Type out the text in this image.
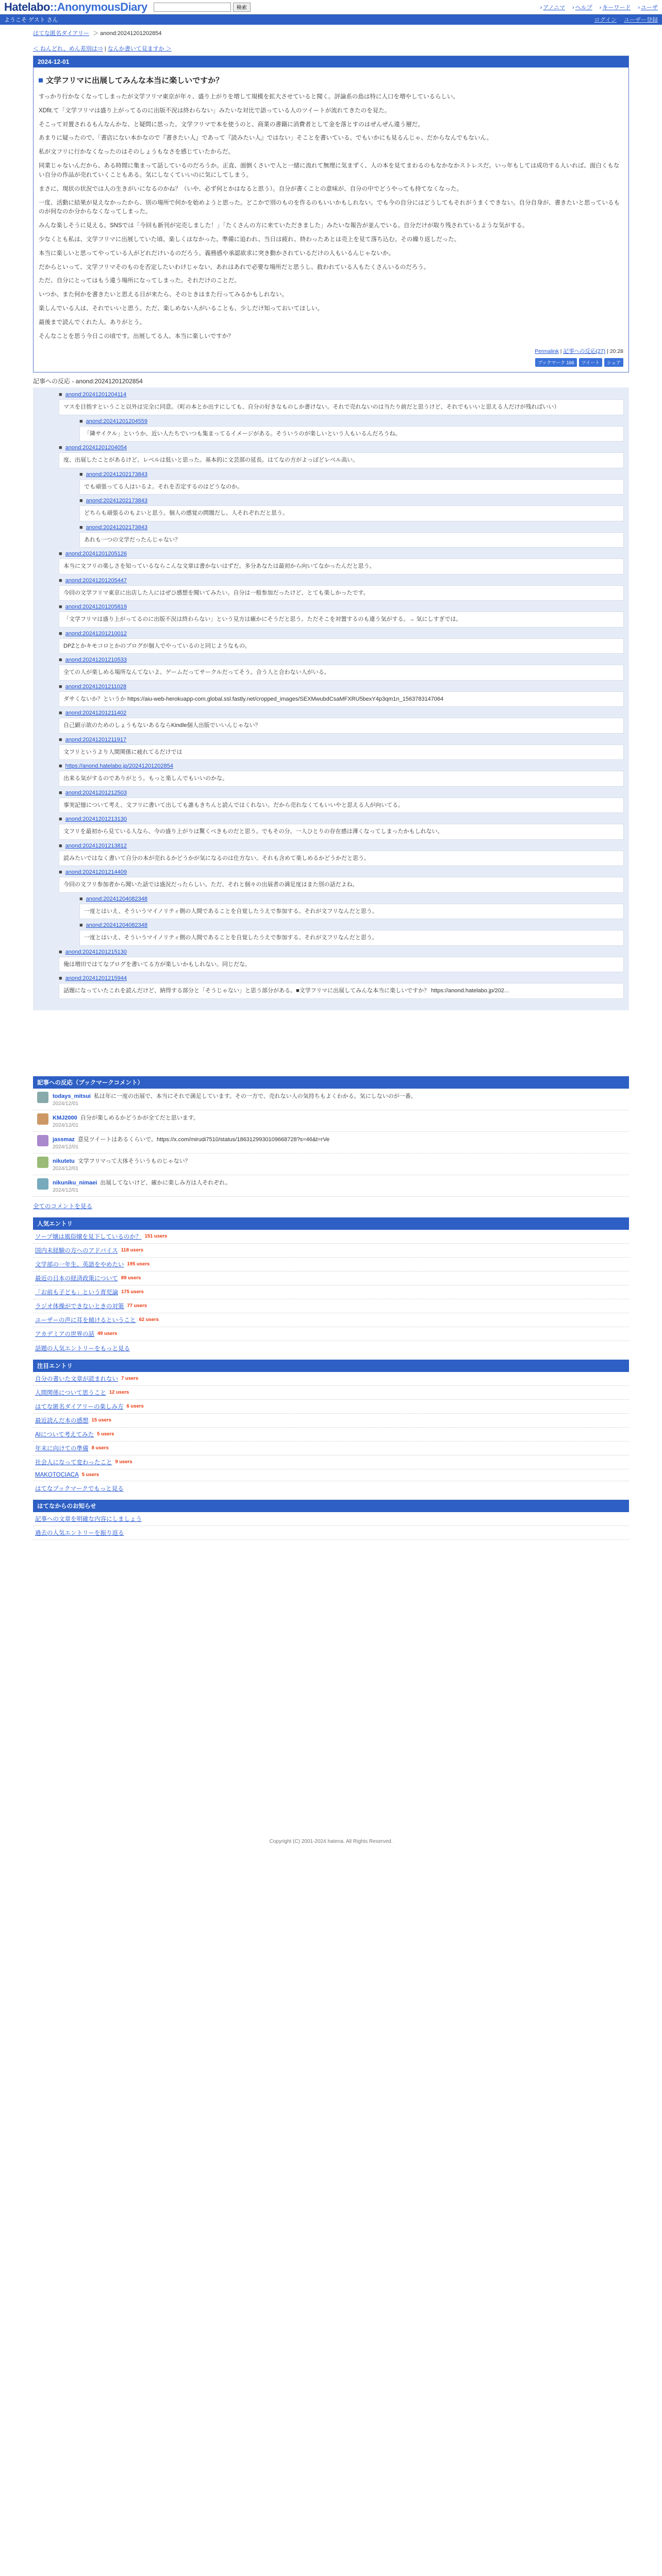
Hatelabo::AnonymousDiary	検索	› アノニマ › ヘルプ › キーワード › ユーザ
ようこそ ゲスト さん	ログイン ユーザー登録
はてな匿名ダイアリー ＞ anond:20241201202854
＜ ねんどれ、めん差別は⇒ | なんか書いて見ますか ＞
2024-12-01
文学フリマに出展してみんな本当に楽しいですか？

すっかり行かなくなってしまったが文学フリマ東京が年々、盛り上がりを増して規模を拡大させていると聞く。評論系の島は特に人口を増やしているらしい。

XDfit.て「文学フリマは盛り上がってるのに出版不況は終わらない」みたいな対比で語っている人のツイートが流れてきたのを見た。

そこって対置されるもんなんかな、と疑問に思った。文学フリマで本を使うのと、商業の書籍に消費者として金を落とすのはぜんぜん違う層だ。

あまりに疑ったので、「書店にない本かなので『書きたい人』であって『読みたい人』ではない」そことを書いている。でもいかにも見るんじゃ、だからなんでもないん。

私が文フリに行かなくなったのはそのしょうもなさを感じていたからだ。

同業じゃないんだから、ある時間に集まって話しているのだろうか。正直、面倒くさいで人と一緒に流れて無理に気まずく、人の本を見てまわるのもなかなかストレスだ。いっ年もしては成功する人いれば、面白くもない自分の作品が売れていくこともある。気にしなくていいのに気にしてしまう。

まさに、現状の状況では人の生きがいになるのかね？（いや、必ず何とかはなると思う）。自分が書くことの意味が、自分の中でどうやっても持てなくなった。

一度、活動に結果が見えなかったから、別の場所で何かを始めようと思った。どこかで別のものを作るのもいいかもしれない。でも今の自分にはどうしてもそれがうまくできない。自分自身が、書きたいと思っているものが何なのか分からなくなってしまった。

みんな楽しそうに見える。SNSでは「今回も新刊が完売しました！」「たくさんの方に来ていただきました」みたいな報告が並んでいる。自分だけが取り残されているような気がする。

少なくとも私は、文学フリマに出展していた頃、楽しくはなかった。準備に追われ、当日は疲れ、終わったあとは売上を見て落ち込む。その繰り返しだった。

本当に楽しいと思ってやっている人がどれだけいるのだろう。義務感や承認欲求に突き動かされているだけの人もいるんじゃないか。

だからといって、文学フリマそのものを否定したいわけじゃない。あれはあれで必要な場所だと思うし、救われている人もたくさんいるのだろう。

ただ、自分にとってはもう違う場所になってしまった。それだけのことだ。

いつか、また何かを書きたいと思える日が来たら、そのときはまた行ってみるかもしれない。

楽しんでいる人は、それでいいと思う。ただ、楽しめない人がいることも、少しだけ知っておいてほしい。

最後まで読んでくれた人、ありがとう。

そんなことを思う今日この頃です。出展してる人、本当に楽しいですか？

Permalink | 記事への反応(27) | 20:28
ブックマーク 166	ツイート	シェア
記事への反応 - anond:20241201202854
■ anond:20241201204114
マスを目指すということ以外は完全に同意。（町の本とか出すにしても、自分の好きなものしか書けない。それで売れないのは当たり前だと思うけど、それでもいいと思える人だけが残ればいい）
■ anond:20241201204559
「隣サイクル」というか、近い人たちでいつも集まってるイメージがある。そういうのが楽しいという人もいるんだろうね。
■ anond:20241201204054
度、出展したことがあるけど、レベルは低いと思った。基本的に文芸部の延長。はてなの方がよっぽどレベル高い。
■ anond:20241202173843
でも頑張ってる人はいるよ。それを否定するのはどうなのか。
■ anond:20241202173843
どちらも頑張るのもよいと思う。個人の感覚の問題だし、人それぞれだと思う。
■ anond:20241202173843
あれも一つの文学だったんじゃない？
■ anond:20241201205126
本当に文フリの楽しさを知っているならこんな文章は書かないはずだ。多分あなたは最初から向いてなかったんだと思う。
■ anond:20241201205447
今回の文学フリマ東京に出店した人にはぜひ感想を聞いてみたい。自分は一般参加だったけど、とても楽しかったです。
■ anond:20241201205819
「文学フリマは盛り上がってるのに出版不況は終わらない」という見方は確かにそうだと思う。ただそこを対置するのも違う気がする。→ 気にしすぎでは。
■ anond:20241201210012
DPZとかキモコロとかのブログが個人でやっているのと同じようなもの。
■ anond:20241201210533
全ての人が楽しめる場所なんてないよ。ゲームだってサークルだってそう。合う人と合わない人がいる。
■ anond:20241201211028
ダサくないか？というか https://aiu-web-herokuapp-com.global.ssl.fastly.net/cropped_images/SEXMwubdCsaMFXRU5bexY4p3qm1n_1563783147064
■ anond:20241201211402
自己顕示欲のためのしょうもないあるならKindle個人出版でいいんじゃない？
■ anond:20241201211917
文フリというより人間関係に疲れてるだけでは
■ https://anond.hatelabo.jp/20241201202854
出来る気がするのでありがとう。もっと楽しんでもいいのかな。
■ anond:20241201212503
事実記憶について考え、文フリに書いて出しても誰もきちんと読んではくれない。だから売れなくてもいいやと思える人が向いてる。
■ anond:20241201213130
文フリを最初から見ている人なら、今の盛り上がりは驚くべきものだと思う。でもその分、一人ひとりの存在感は薄くなってしまったかもしれない。
■ anond:20241201213812
読みたいではなく書いて自分の本が売れるかどうかが気になるのは仕方ない。それも含めて楽しめるかどうかだと思う。
■ anond:20241201214409
今回の文フリ参加者から聞いた話では盛況だったらしい。ただ、それと個々の出展者の満足度はまた別の話だよね。
■ anond:20241204082348
一度とはいえ、そういうマイノリティ側の人間であることを自覚したうえで参加する。それが文フリなんだと思う。
■ anond:20241204082348
一度とはいえ、そういうマイノリティ側の人間であることを自覚したうえで参加する。それが文フリなんだと思う。
■ anond:20241201215130
俺は増田ではてなブログを書いてる方が楽しいかもしれない。同じだな。
■ anond:20241201215944
話題になっていたこれを読んだけど、納得する部分と「そうじゃない」と思う部分がある。■文学フリマに出展してみんな本当に楽しいですか？ https://anond.hatelabo.jp/202...
記事への反応（ブックマークコメント）
todays_mitsui 私は年に一度の出展で、本当にそれで満足しています。その一方で、売れない人の気持ちもよくわかる。気にしないのが一番。
2024/12/01
KMJ2000 自分が楽しめるかどうかが全てだと思います。
2024/12/01
jassmaz 意見ツイートはあるくらいで。https://x.com/mirudi7510/status/1863129930109668728?s=46&t=rVe
2024/12/01
nikutetu 文学フリマって大体そういうものじゃない？
2024/12/01
nikuniku_nimaei 出展してないけど、確かに楽しみ方は人それぞれ。
2024/12/01
全てのコメントを見る
人気エントリ
ソープ嬢は風俗嬢を見下しているのか？ 151 users
国内未経験の方へのアドバイス 118 users
文学部の一年生、英語をやめたい 195 users
最近の日本の経済政策について 89 users
「お前も子ども」という育児論 175 users
ラジオ体操ができないときの対策 77 users
ユーザーの声に耳を傾けるということ 62 users
アカデミアの世界の話 49 users
話題の人気エントリーをもっと見る
注目エントリ
自分の書いた文章が読まれない 7 users
人間関係について思うこと 12 users
はてな匿名ダイアリーの楽しみ方 6 users
最近読んだ本の感想 15 users
AIについて考えてみた 5 users
年末に向けての準備 8 users
社会人になって変わったこと 9 users
MAKOTOCIACA 5 users
はてなブックマークでもっと見る
はてなからのお知らせ
記事への文章を明確な内容にしましょう
過去の人気エントリーを振り返る
Copyright (C) 2001-2024 hatena. All Rights Reserved.
